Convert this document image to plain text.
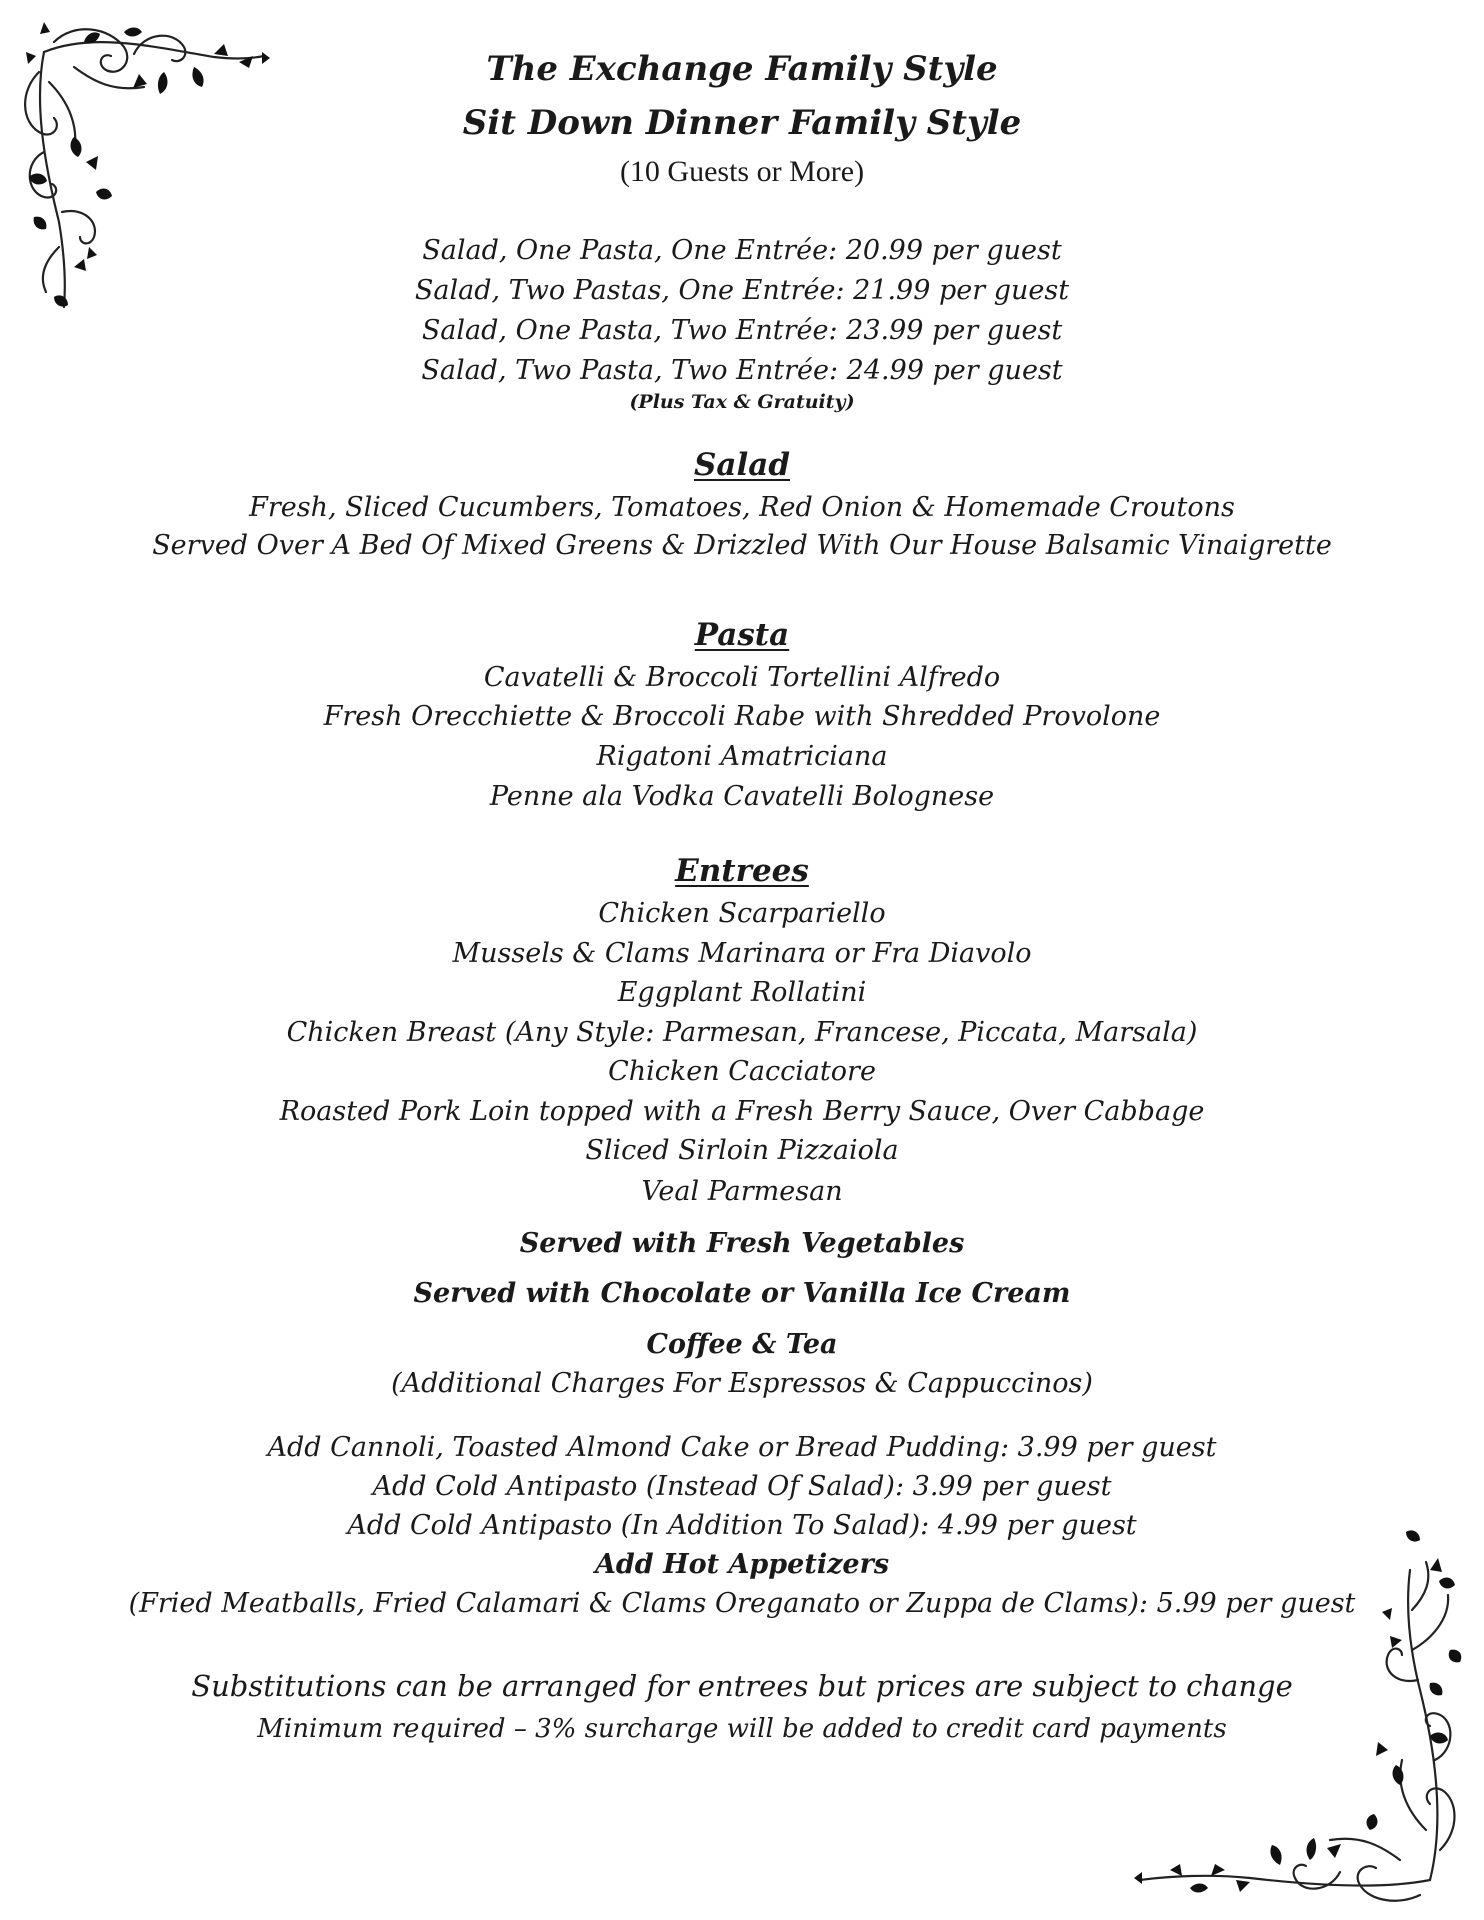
The Exchange Family Style
Sit Down Dinner Family Style
(10 Guests or More)
Salad, One Pasta, One Entrée: 20.99 per guest
Salad, Two Pastas, One Entrée: 21.99 per guest
Salad, One Pasta, Two Entrée: 23.99 per guest
Salad, Two Pasta, Two Entrée: 24.99 per guest
(Plus Tax & Gratuity)
Salad
Fresh, Sliced Cucumbers, Tomatoes, Red Onion & Homemade Croutons
Served Over A Bed Of Mixed Greens & Drizzled With Our House Balsamic Vinaigrette
Pasta
Cavatelli & Broccoli Tortellini Alfredo
Fresh Orecchiette & Broccoli Rabe with Shredded Provolone
Rigatoni Amatriciana
Penne ala Vodka Cavatelli Bolognese
Entrees
Chicken Scarpariello
Mussels & Clams Marinara or Fra Diavolo
Eggplant Rollatini
Chicken Breast (Any Style: Parmesan, Francese, Piccata, Marsala)
Chicken Cacciatore
Roasted Pork Loin topped with a Fresh Berry Sauce, Over Cabbage
Sliced Sirloin Pizzaiola
Veal Parmesan
Served with Fresh Vegetables
Served with Chocolate or Vanilla Ice Cream
Coffee & Tea
(Additional Charges For Espressos & Cappuccinos)
Add Cannoli, Toasted Almond Cake or Bread Pudding: 3.99 per guest
Add Cold Antipasto (Instead Of Salad): 3.99 per guest
Add Cold Antipasto (In Addition To Salad): 4.99 per guest
Add Hot Appetizers
(Fried Meatballs, Fried Calamari & Clams Oreganato or Zuppa de Clams): 5.99 per guest
Substitutions can be arranged for entrees but prices are subject to change
Minimum required – 3% surcharge will be added to credit card payments
